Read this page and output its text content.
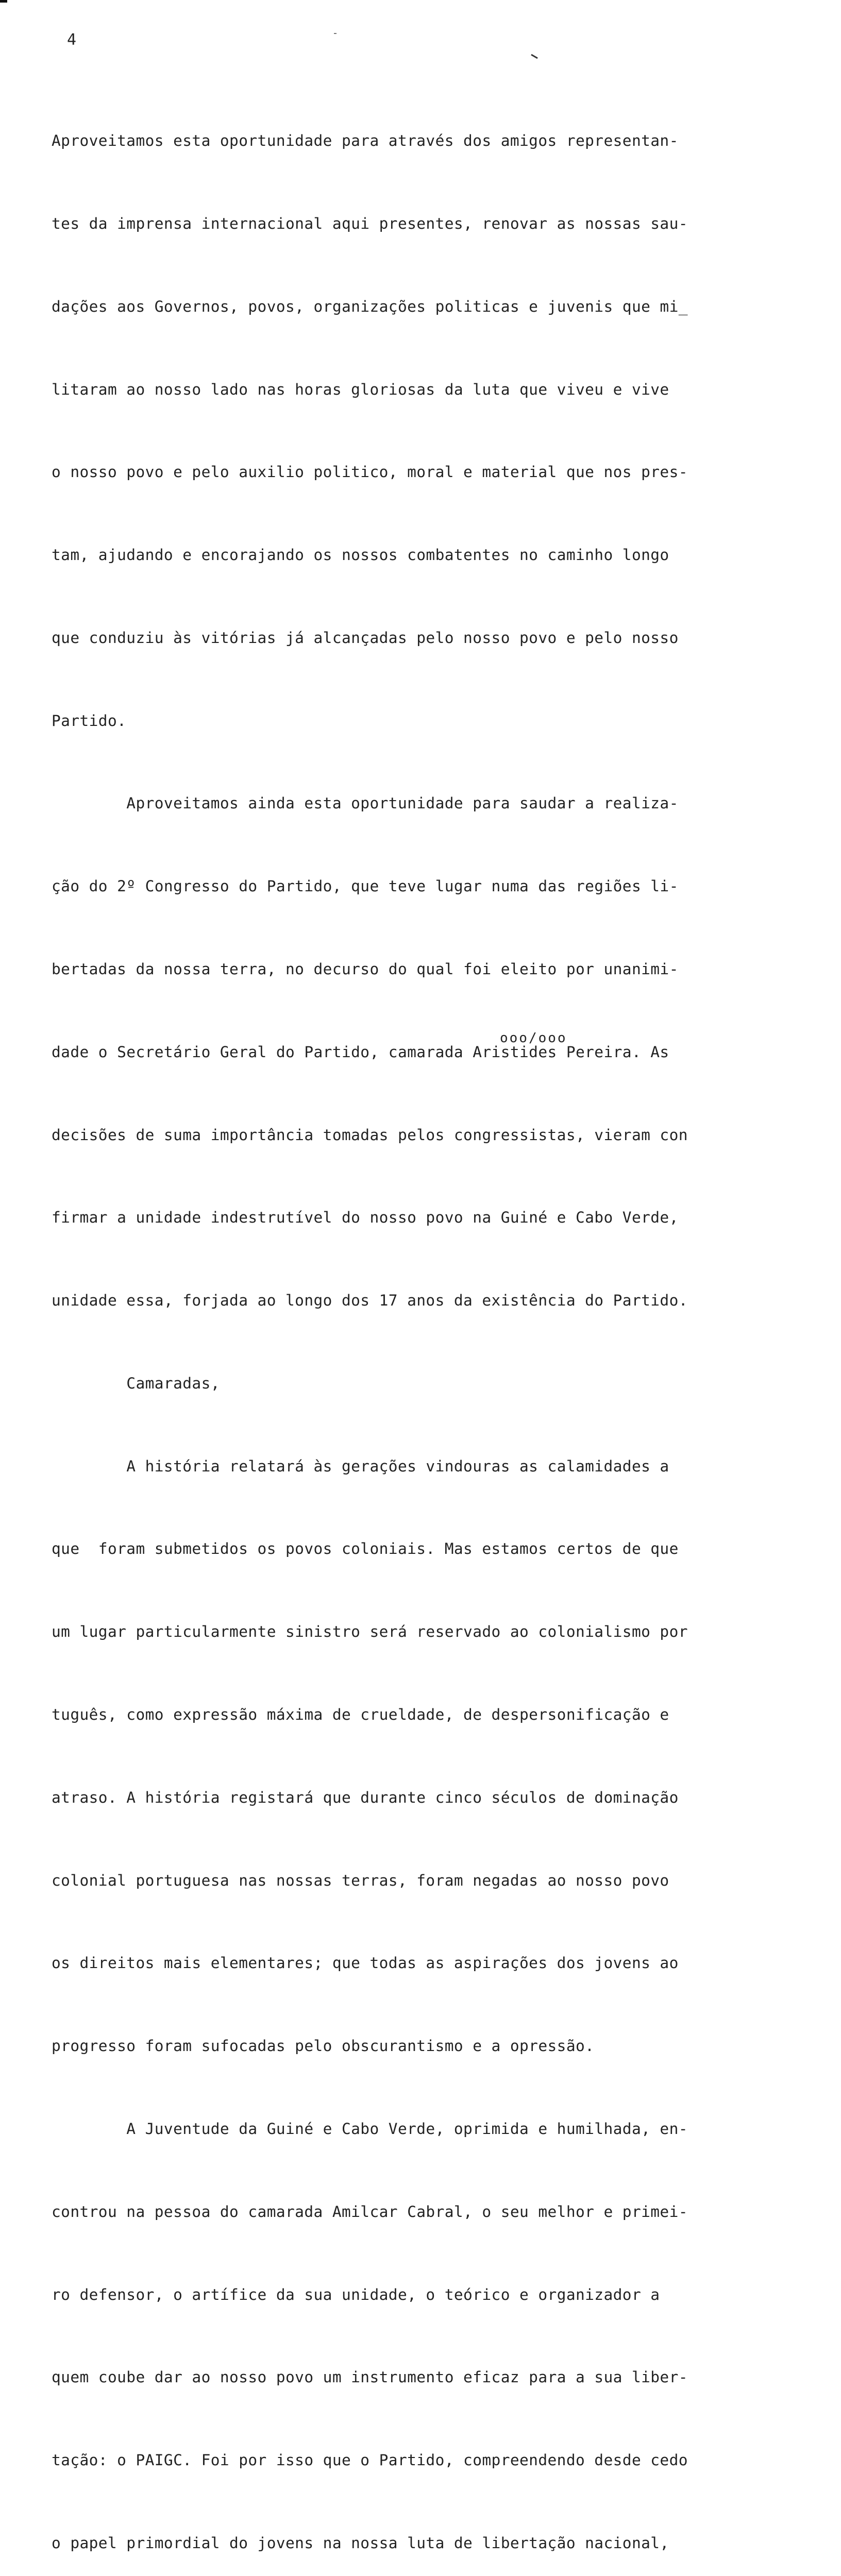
4

Aproveitamos esta oportunidade para através dos amigos representan-

tes da imprensa internacional aqui presentes, renovar as nossas sau-

dações aos Governos, povos, organizações politicas e juvenis que mi_

litaram ao nosso lado nas horas gloriosas da luta que viveu e vive

o nosso povo e pelo auxilio politico, moral e material que nos pres-

tam, ajudando e encorajando os nossos combatentes no caminho longo

que conduziu às vitórias já alcançadas pelo nosso povo e pelo nosso

Partido.

Aproveitamos ainda esta oportunidade para saudar a realiza-

ção do 2º Congresso do Partido, que teve lugar numa das regiões li-

bertadas da nossa terra, no decurso do qual foi eleito por unanimi-

dade o Secretário Geral do Partido, camarada Aristides Pereira. As

decisões de suma importância tomadas pelos congressistas, vieram con

firmar a unidade indestrutível do nosso povo na Guiné e Cabo Verde,

unidade essa, forjada ao longo dos 17 anos da existência do Partido.

Camaradas,

A história relatará às gerações vindouras as calamidades a

que  foram submetidos os povos coloniais. Mas estamos certos de que

um lugar particularmente sinistro será reservado ao colonialismo por

tuguês, como expressão máxima de crueldade, de despersonificação e

atraso. A história registará que durante cinco séculos de dominação

colonial portuguesa nas nossas terras, foram negadas ao nosso povo

os direitos mais elementares; que todas as aspirações dos jovens ao

progresso foram sufocadas pelo obscurantismo e a opressão.

A Juventude da Guiné e Cabo Verde, oprimida e humilhada, en-

controu na pessoa do camarada Amilcar Cabral, o seu melhor e primei-

ro defensor, o artífice da sua unidade, o teórico e organizador a

quem coube dar ao nosso povo um instrumento eficaz para a sua liber-

tação: o PAIGC. Foi por isso que o Partido, compreendendo desde cedo

o papel primordial do jovens na nossa luta de libertação nacional,

ooo/ooo
